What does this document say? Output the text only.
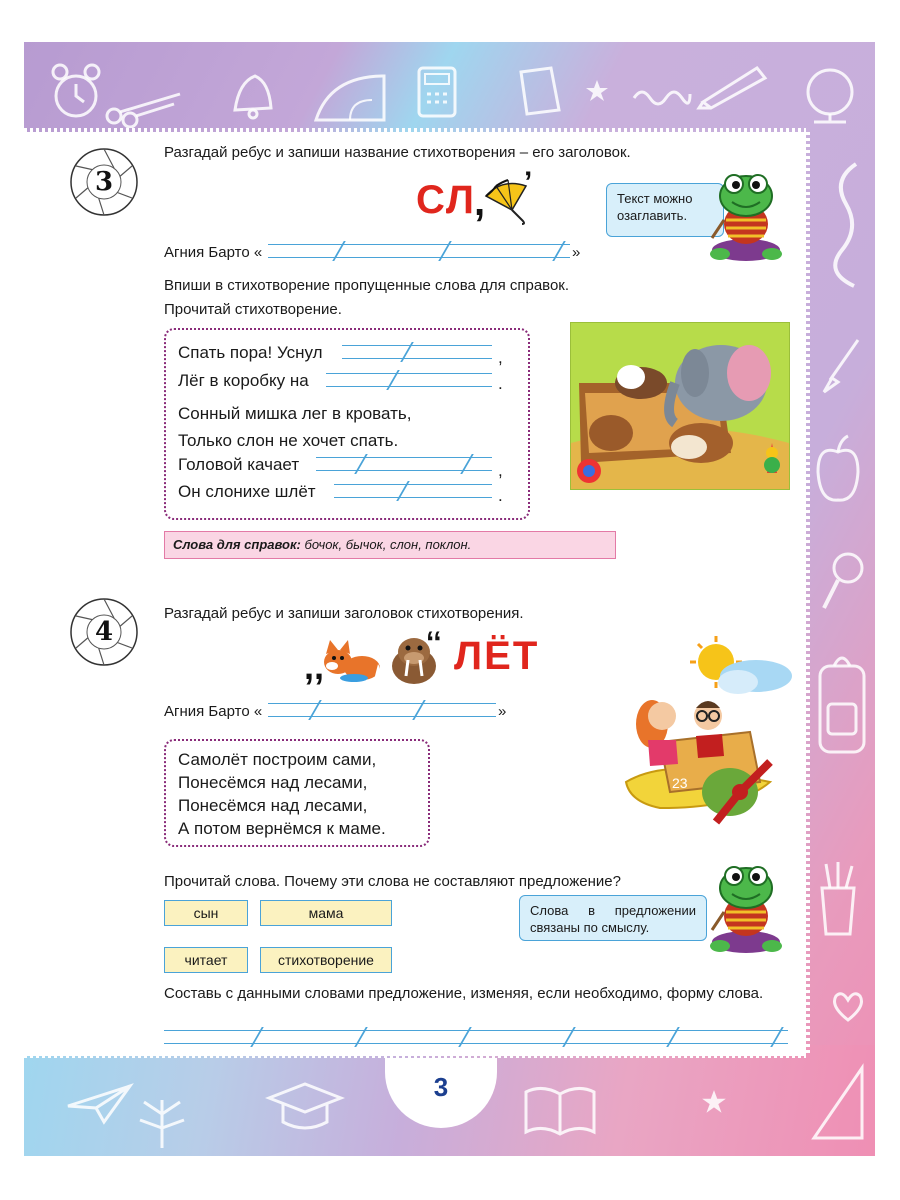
3
3

Разгадай ребус и запиши название стихотворения – его заголовок.

СЛ
, ’	Текст можно озаглавить.

Агния Барто «	»

Впиши в стихотворение пропущенные слова для справок.

Прочитай стихотворение.

Спать пора! Уснул	,
Лёг в коробку на	.
Сонный мишка лег в кровать,
Только слон не хочет спать.
Головой качает	,
Он слонихе шлёт	.
Слова для справок: бочок, бычок, слон, поклон.
4

Разгадай ребус и запиши заголовок стихотворения.

,,
‘‘ ЛЁТ

Агния Барто «	»

Самолёт построим сами,
Понесёмся над лесами,
Понесёмся над лесами,
А потом вернёмся к маме.
23

Прочитай слова. Почему эти слова не составляют предложение?

сын	мама
читает	стихотворение
Слова в предложении связаны по смыслу.

Составь с данными словами предложение, изменяя, если необходимо, форму слова.
